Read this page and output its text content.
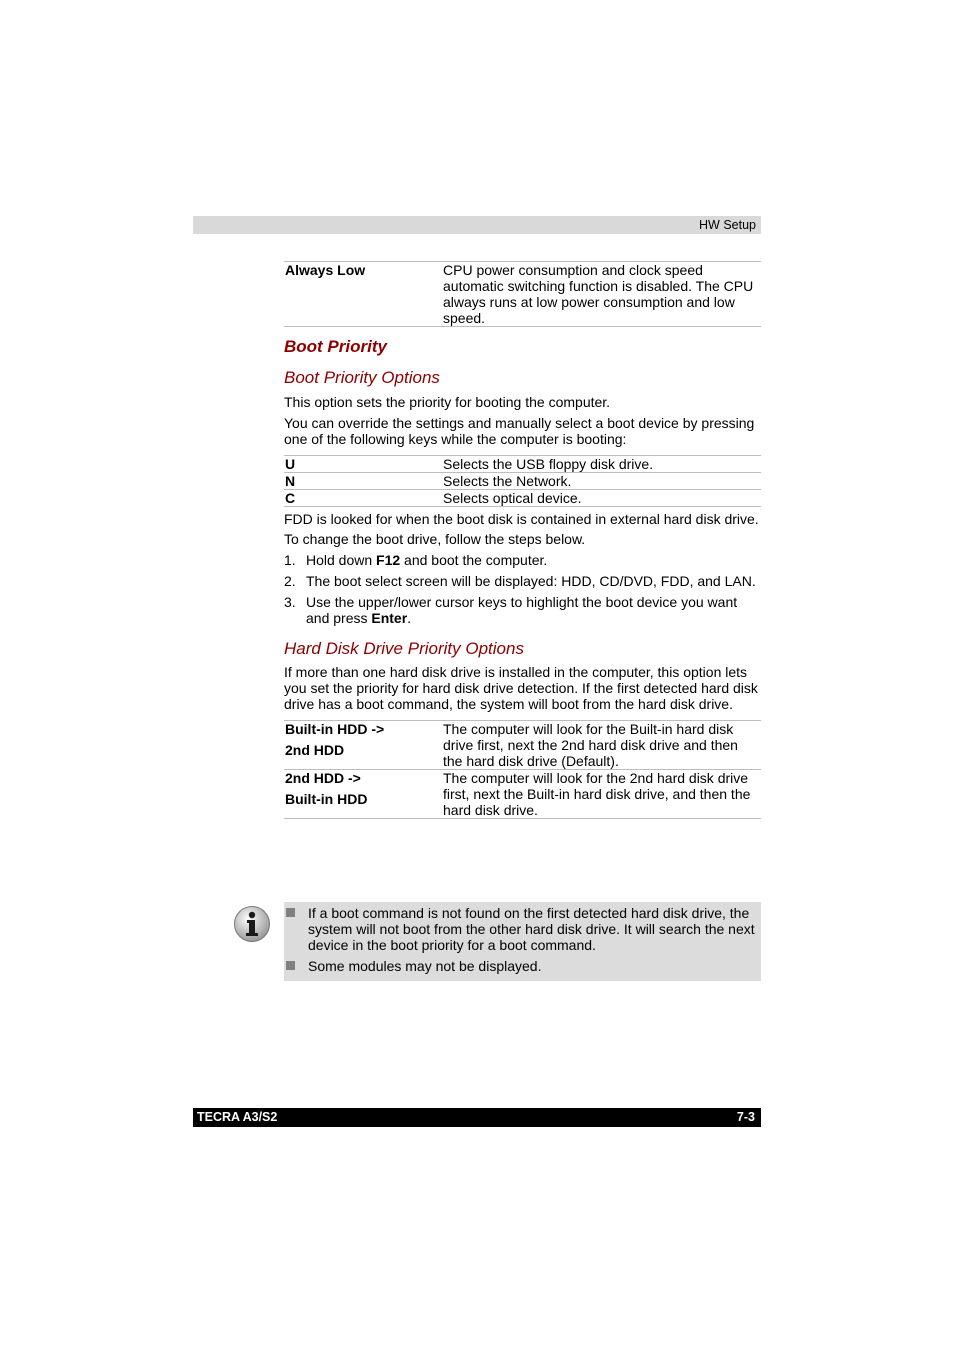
HW Setup
Always Low	CPU power consumption and clock speed automatic switching function is disabled. The CPU always runs at low power consumption and low speed.
Boot Priority
Boot Priority Options

This option sets the priority for booting the computer.

You can override the settings and manually select a boot device by pressing one of the following keys while the computer is booting:

U	Selects the USB floppy disk drive.
N	Selects the Network.
C	Selects optical device.

FDD is looked for when the boot disk is contained in external hard disk drive.

To change the boot drive, follow the steps below.

1. Hold down F12 and boot the computer.
2. The boot select screen will be displayed: HDD, CD/DVD, FDD, and LAN.
3. Use the upper/lower cursor keys to highlight the boot device you want and press Enter.
Hard Disk Drive Priority Options

If more than one hard disk drive is installed in the computer, this option lets you set the priority for hard disk drive detection. If the first detected hard disk drive has a boot command, the system will boot from the hard disk drive.

Built-in HDD ->
2nd HDD	The computer will look for the Built-in hard disk drive first, next the 2nd hard disk drive and then the hard disk drive (Default).

2nd HDD ->
Built-in HDD	The computer will look for the 2nd hard disk drive first, next the Built-in hard disk drive, and then the hard disk drive.
If a boot command is not found on the first detected hard disk drive, the system will not boot from the other hard disk drive. It will search the next device in the boot priority for a boot command.
Some modules may not be displayed.
TECRA A3/S2	7-3
